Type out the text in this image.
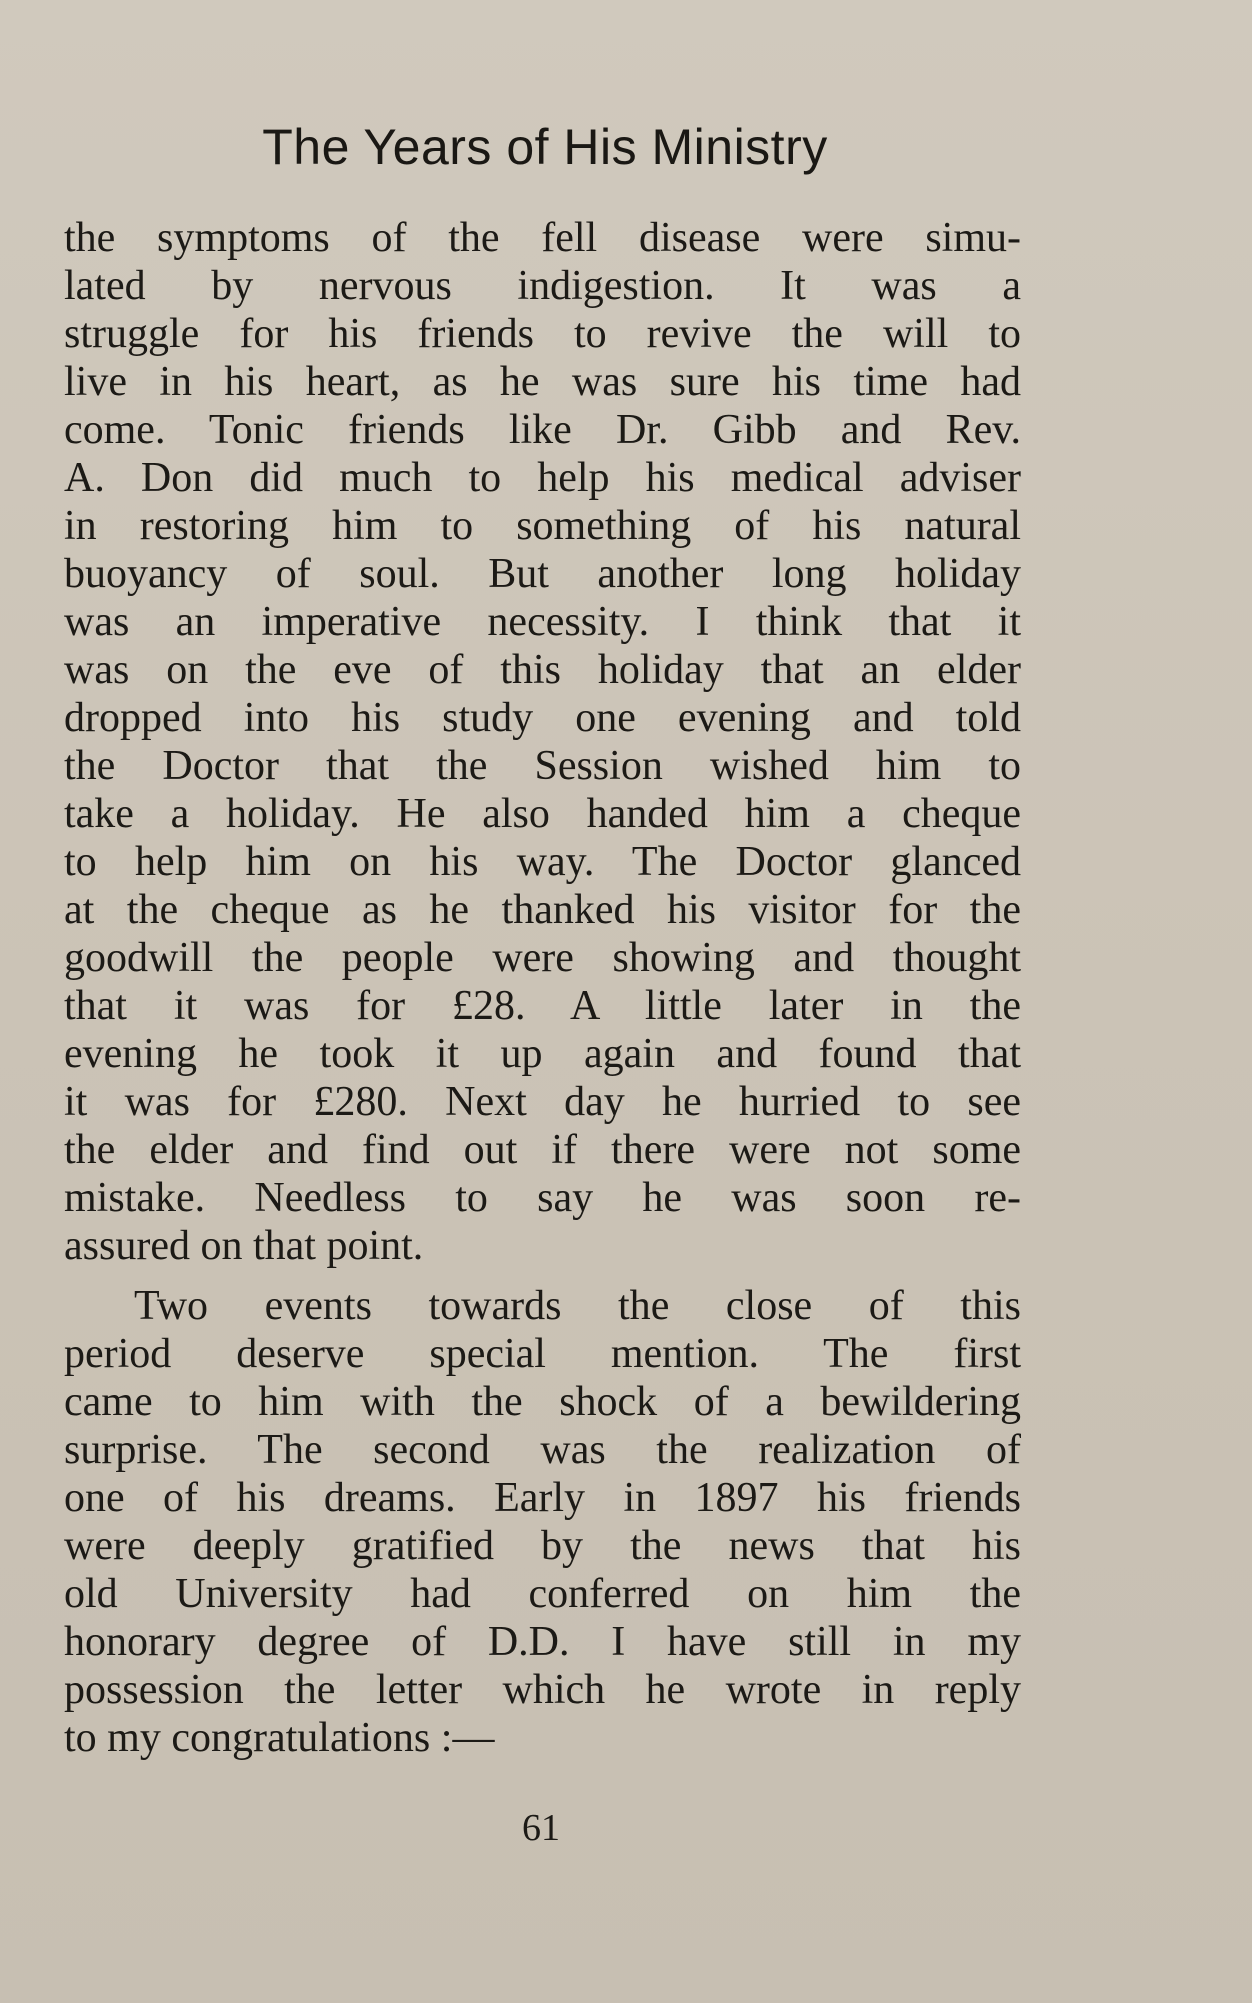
The Years of His Ministry
the symptoms of the fell disease were simu-
lated by nervous indigestion. It was a
struggle for his friends to revive the will to
live in his heart, as he was sure his time had
come. Tonic friends like Dr. Gibb and Rev.
A. Don did much to help his medical adviser
in restoring him to something of his natural
buoyancy of soul. But another long holiday
was an imperative necessity. I think that it
was on the eve of this holiday that an elder
dropped into his study one evening and told
the Doctor that the Session wished him to
take a holiday. He also handed him a cheque
to help him on his way. The Doctor glanced
at the cheque as he thanked his visitor for the
goodwill the people were showing and thought
that it was for £28. A little later in the
evening he took it up again and found that
it was for £280. Next day he hurried to see
the elder and find out if there were not some
mistake. Needless to say he was soon re-
assured on that point.
Two events towards the close of this
period deserve special mention. The first
came to him with the shock of a bewildering
surprise. The second was the realization of
one of his dreams. Early in 1897 his friends
were deeply gratified by the news that his
old University had conferred on him the
honorary degree of D.D. I have still in my
possession the letter which he wrote in reply
to my congratulations :—
61
